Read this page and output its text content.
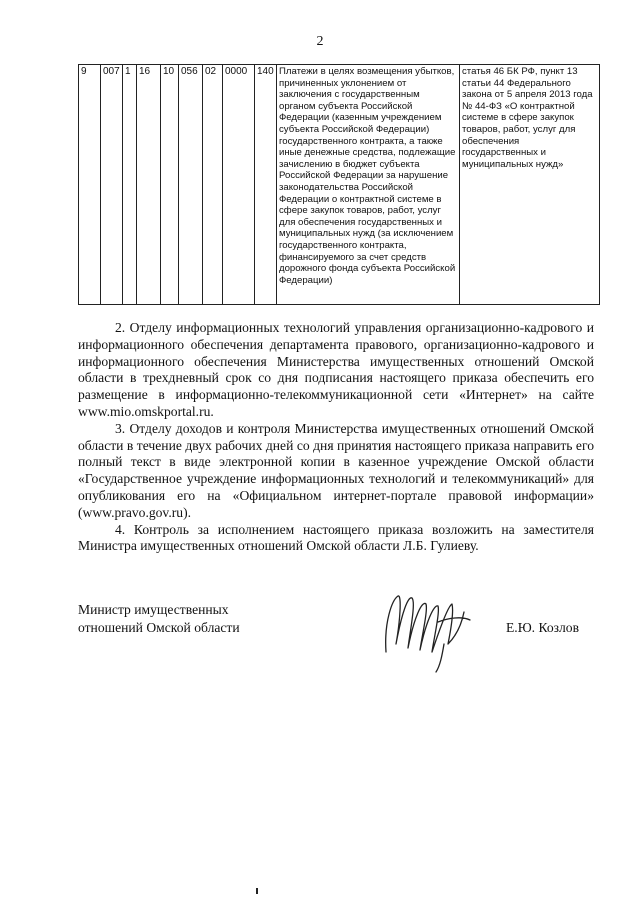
2
9	007	1	16	10	056	02	0000	140	Платежи в целях возмещения убытков, причиненных уклонением от заключения с государственным органом субъекта Российской Федерации (казенным учреждением субъекта Российской Федерации) государственного контракта, а также иные денежные средства, подлежащие зачислению в бюджет субъекта Российской Федерации за нарушение законодательства Российской Федерации о контрактной системе в сфере закупок товаров, работ, услуг для обеспечения государственных и муниципальных нужд (за исключением государственного контракта, финансируемого за счет средств дорожного фонда субъекта Российской Федерации)	статья 46 БК РФ, пункт 13 статьи 44 Федерального закона от 5 апреля 2013 года № 44-ФЗ «О контрактной системе в сфере закупок товаров, работ, услуг для обеспечения государственных и муниципальных нужд»

2. Отделу информационных технологий управления организационно-кадрового и информационного обеспечения департамента правового, организационно-кадрового и информационного обеспечения Министерства имущественных отношений Омской области в трехдневный срок со дня подписания настоящего приказа обеспечить его размещение в информационно-телекоммуникационной сети «Интернет» на сайте www.mio.omskportal.ru.

3. Отделу доходов и контроля Министерства имущественных отношений Омской области в течение двух рабочих дней со дня принятия настоящего приказа направить его полный текст в виде электронной копии в казенное учреждение Омской области «Государственное учреждение информационных технологий и телекоммуникаций» для опубликования его на «Официальном интернет-портале правовой информации» (www.pravo.gov.ru).

4. Контроль за исполнением настоящего приказа возложить на заместителя Министра имущественных отношений Омской области Л.Б. Гулиеву.

Министр имущественных
отношений Омской области	Е.Ю. Козлов
